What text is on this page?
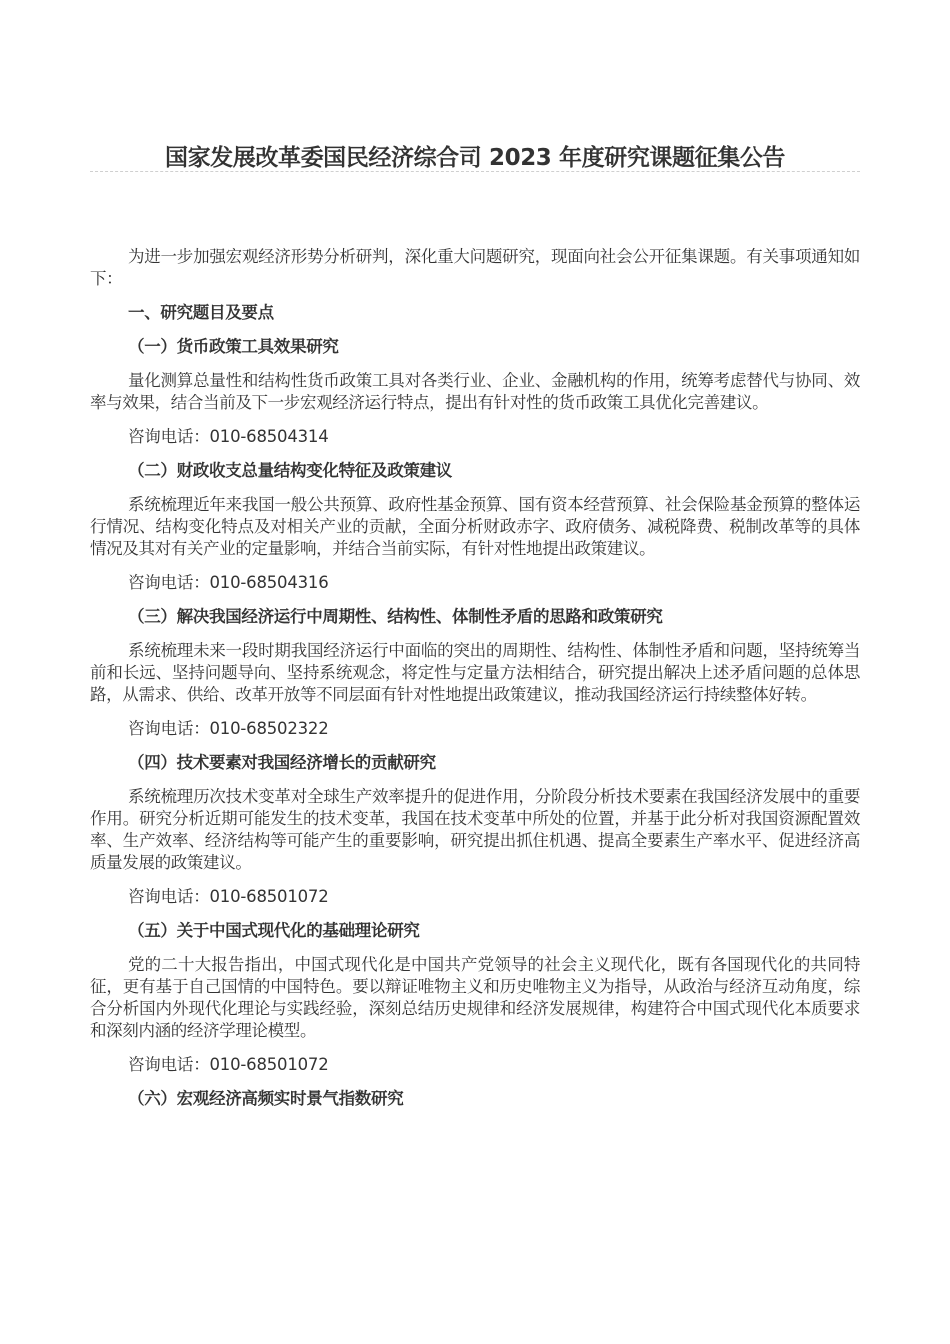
国家发展改革委国民经济综合司 2023 年度研究课题征集公告

为进一步加强宏观经济形势分析研判，深化重大问题研究，现面向社会公开征集课题。有关事项通知如下：

一、研究题目及要点

（一）货币政策工具效果研究

量化测算总量性和结构性货币政策工具对各类行业、企业、金融机构的作用，统筹考虑替代与协同、效率与效果，结合当前及下一步宏观经济运行特点，提出有针对性的货币政策工具优化完善建议。

咨询电话：010-68504314

（二）财政收支总量结构变化特征及政策建议

系统梳理近年来我国一般公共预算、政府性基金预算、国有资本经营预算、社会保险基金预算的整体运行情况、结构变化特点及对相关产业的贡献，全面分析财政赤字、政府债务、减税降费、税制改革等的具体情况及其对有关产业的定量影响，并结合当前实际，有针对性地提出政策建议。

咨询电话：010-68504316

（三）解决我国经济运行中周期性、结构性、体制性矛盾的思路和政策研究

系统梳理未来一段时期我国经济运行中面临的突出的周期性、结构性、体制性矛盾和问题，坚持统筹当前和长远、坚持问题导向、坚持系统观念，将定性与定量方法相结合，研究提出解决上述矛盾问题的总体思路，从需求、供给、改革开放等不同层面有针对性地提出政策建议，推动我国经济运行持续整体好转。

咨询电话：010-68502322

（四）技术要素对我国经济增长的贡献研究

系统梳理历次技术变革对全球生产效率提升的促进作用，分阶段分析技术要素在我国经济发展中的重要作用。研究分析近期可能发生的技术变革，我国在技术变革中所处的位置，并基于此分析对我国资源配置效率、生产效率、经济结构等可能产生的重要影响，研究提出抓住机遇、提高全要素生产率水平、促进经济高质量发展的政策建议。

咨询电话：010-68501072

（五）关于中国式现代化的基础理论研究

党的二十大报告指出，中国式现代化是中国共产党领导的社会主义现代化，既有各国现代化的共同特征，更有基于自己国情的中国特色。要以辩证唯物主义和历史唯物主义为指导，从政治与经济互动角度，综合分析国内外现代化理论与实践经验，深刻总结历史规律和经济发展规律，构建符合中国式现代化本质要求和深刻内涵的经济学理论模型。

咨询电话：010-68501072

（六）宏观经济高频实时景气指数研究
